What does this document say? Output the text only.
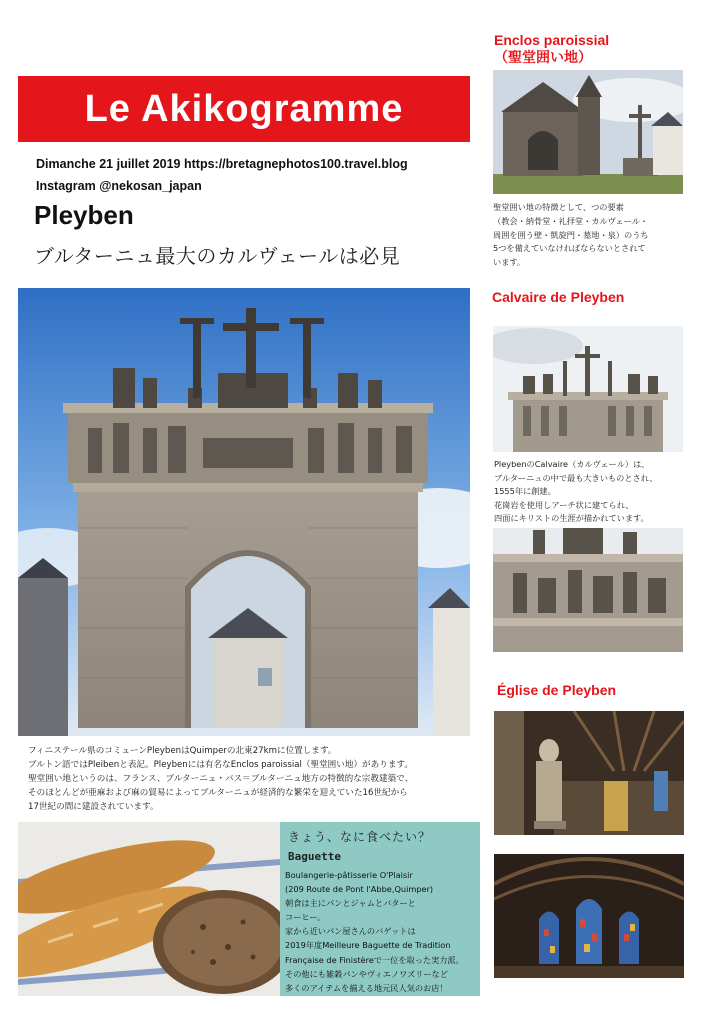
Le Akikogramme
Dimanche 21 juillet 2019 https://bretagnephotos100.travel.blog
Instagram @nekosan_japan
Pleyben
ブルターニュ最大のカルヴェールは必見

フィニステール県のコミューンPleybenはQuimperの北東27kmに位置します。

ブルトン語ではPleibenと表記。Pleybenには有名なEnclos paroissial（聖堂囲い地）があります。

聖堂囲い地というのは、フランス、ブルターニュ・バス＝ブルターニュ地方の特徴的な宗教建築で、

そのほとんどが亜麻および麻の貿易によってブルターニュが経済的な繁栄を迎えていた16世紀から

17世紀の間に建設されています。

きょう、なに食べたい？
Baguette

Boulangerie-pâtisserie O'Plaisir

(209 Route de Pont l'Abbe,Quimper)

朝食は主にパンとジャムとバターと

コーヒー。

家から近いパン屋さんのバゲットは

2019年度Meilleure Baguette de Tradition

Française de Finistèreで一位を取った実力派。

その他にも雑穀パンやヴィエノワズリーなど

多くのアイテムを揃える地元民人気のお店！

Enclos paroissial
（聖堂囲い地）

聖堂囲い地の特徴として、つの要素

（教会・納骨堂・礼拝堂・カルヴェール・

周囲を囲う壁・凱旋門・墓地・泉）のうち

5つを備えていなければならないとされて

います。

Calvaire de Pleyben

PleybenのCalvaire（カルヴェール）は、

ブルターニュの中で最も大きいものとされ、

1555年に創建。

花崗岩を使用しアーチ状に建てられ、

四面にキリストの生涯が描かれています。

Église de Pleyben
